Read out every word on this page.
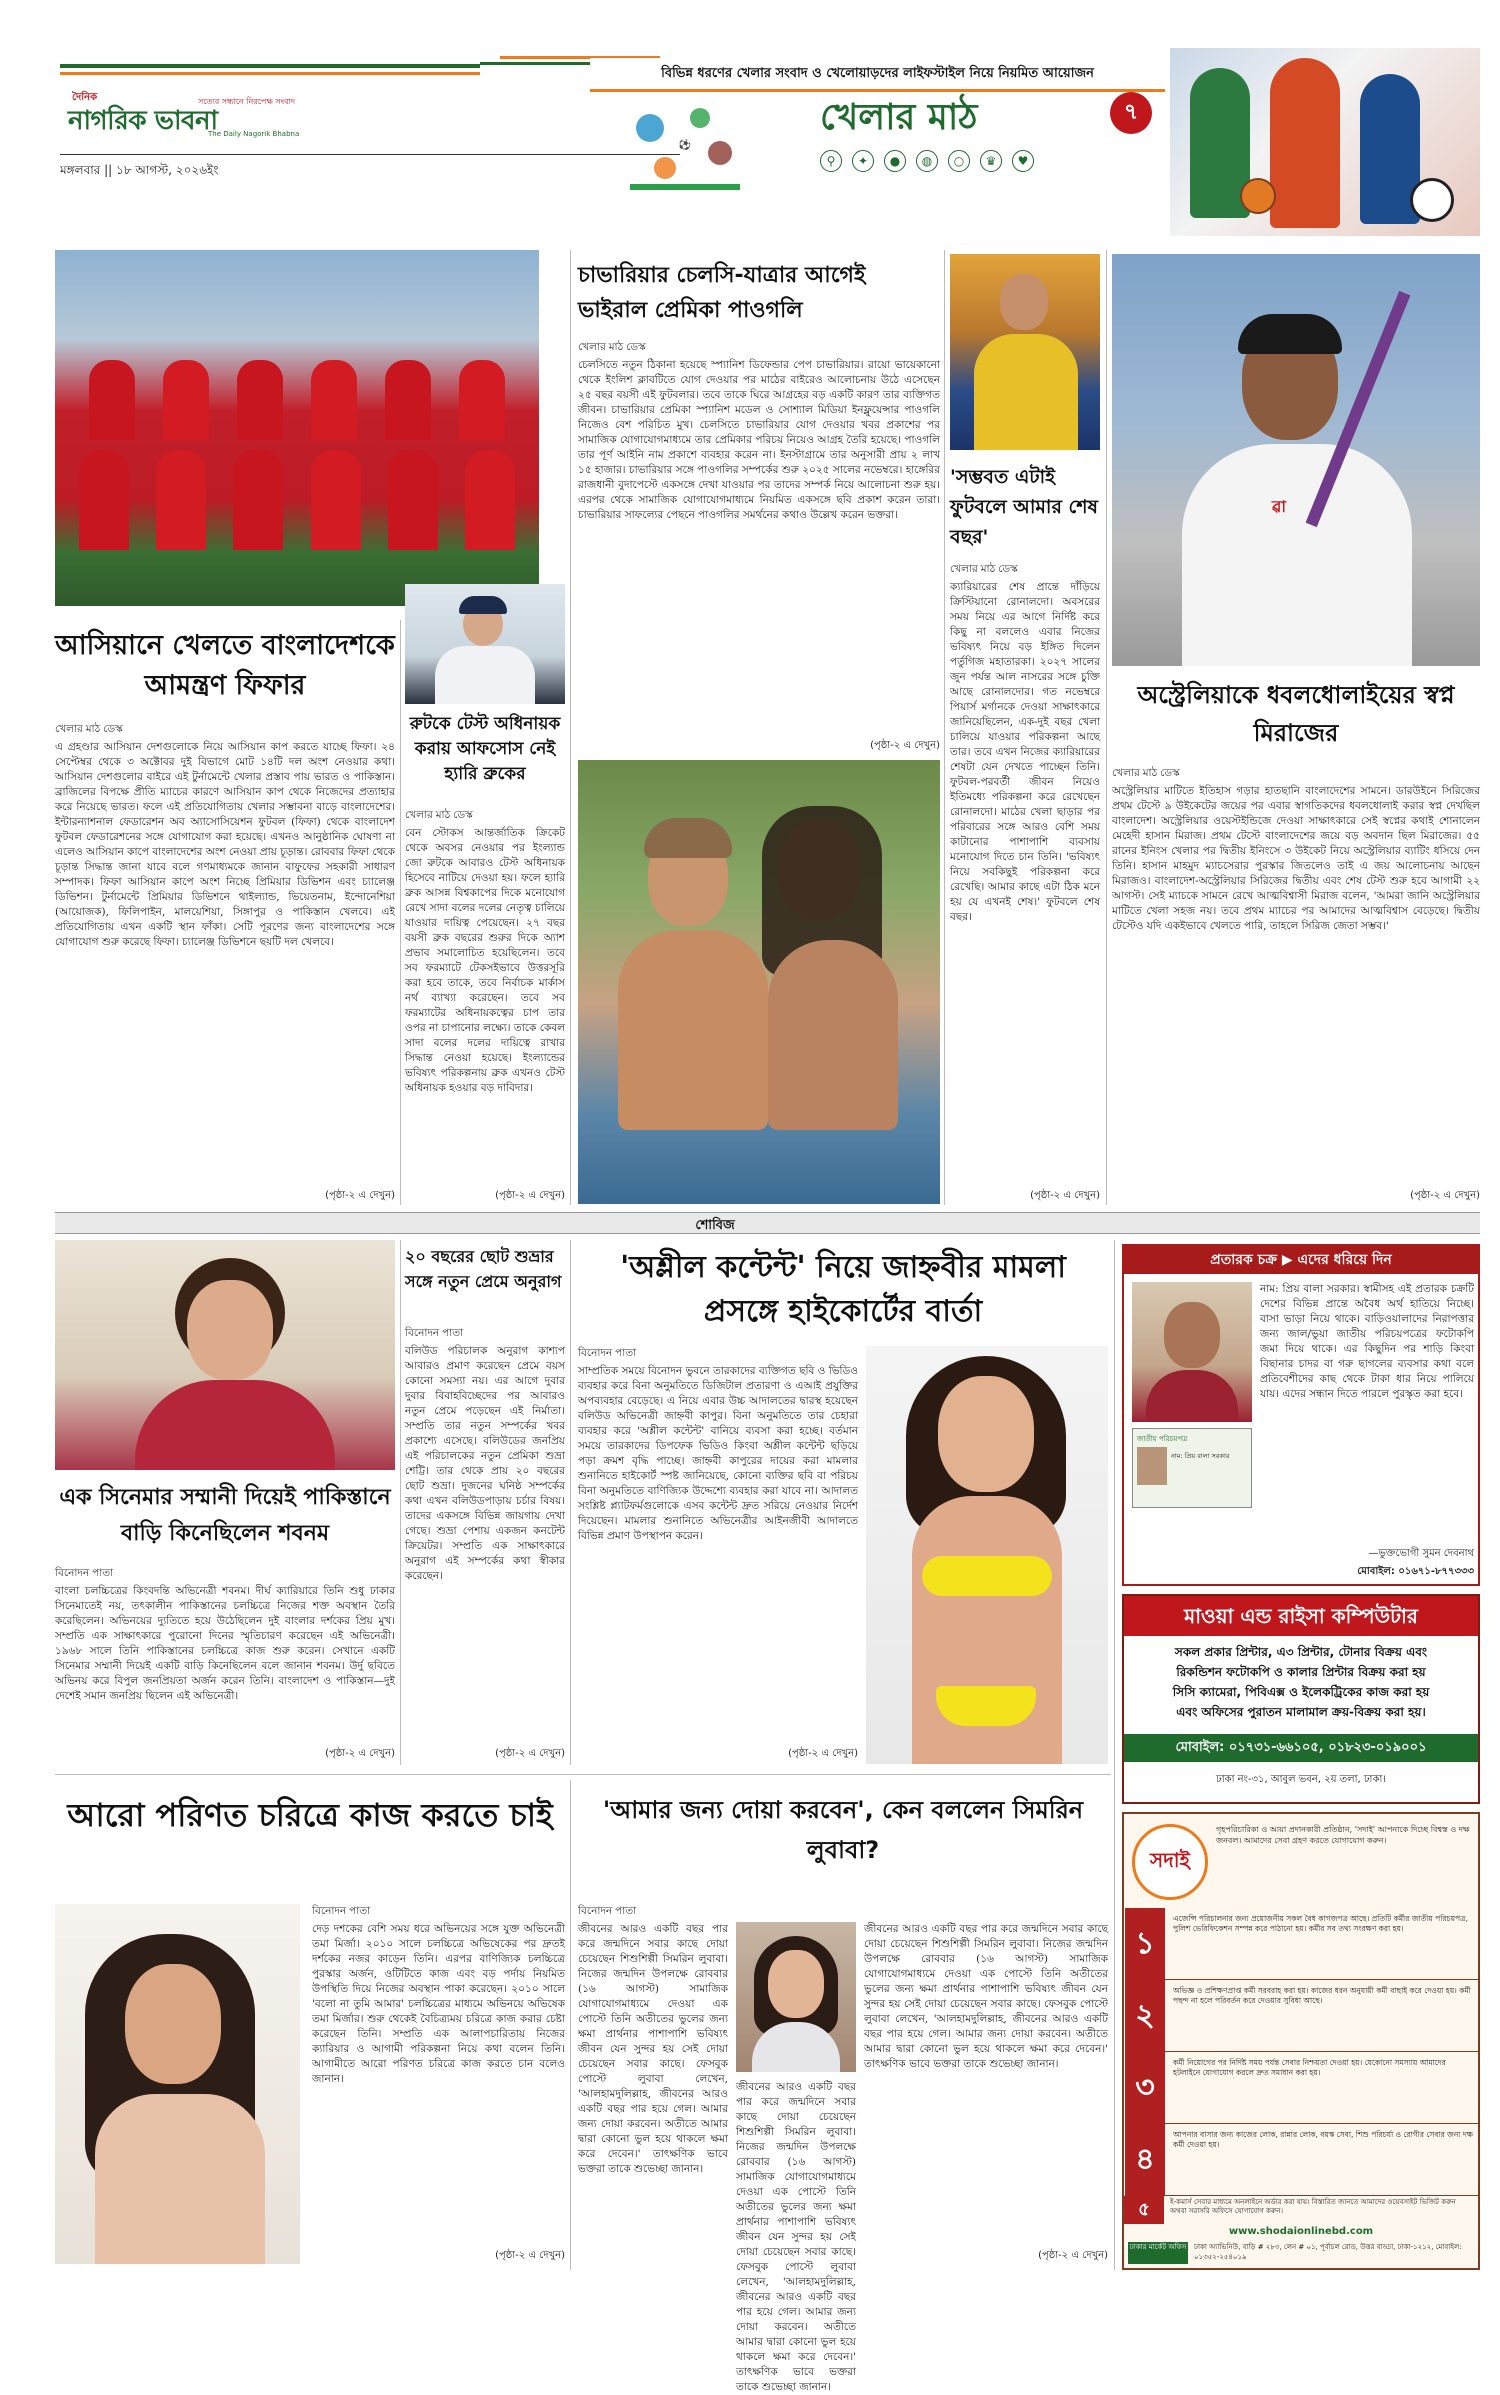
দৈনিক
নাগরিক ভাবনা
সত্যের সন্ধানে নিরপেক্ষ সংবাদ
The Daily Nagorik Bhabna
মঙ্গলবার || ১৮ আগস্ট, ২০২৬ইং
⚽
বিভিন্ন ধরণের খেলার সংবাদ ও খেলোয়াড়দের লাইফস্টাইল নিয়ে নিয়মিত আয়োজন
খেলার মাঠ	৭
⚲	✦	●	◍	○	♛	♥
আসিয়ানে খেলতে বাংলাদেশকে আমন্ত্রণ ফিফার
খেলার মাঠ ডেস্ক
এ গ্রহণ্ডার আসিয়ান দেশগুলোকে নিয়ে আসিয়ান কাপ করতে যাচ্ছে ফিফা। ২৪ সেপ্টেম্বর থেকে ৩ অক্টোবর দুই বিভাগে মোট ১৪টি দল অংশ নেওয়ার কথা। আসিয়ান দেশগুলোর বাইরে এই টুর্নামেন্টে খেলার প্রস্তাব পায় ভারত ও পাকিস্তান। ব্রাজিলের বিপক্ষে প্রীতি ম্যাচের কারণে আসিয়ান কাপ থেকে নিজেদের প্রত্যাহার করে নিয়েছে ভারত। ফলে এই প্রতিযোগিতায় খেলার সম্ভাবনা বাড়ে বাংলাদেশের। ইন্টারন্যাশনাল ফেডারেশন অব অ্যাসোসিয়েশন ফুটবল (ফিফা) থেকে বাংলাদেশ ফুটবল ফেডারেশনের সঙ্গে যোগাযোগ করা হয়েছে। এখনও আনুষ্ঠানিক ঘোষণা না এলেও আসিয়ান কাপে বাংলাদেশের অংশ নেওয়া প্রায় চূড়ান্ত। রোববার ফিফা থেকে চূড়ান্ত সিদ্ধান্ত জানা যাবে বলে গণমাধ্যমকে জানান বাফুফের সহকারী সাধারণ সম্পাদক। ফিফা আসিয়ান কাপে অংশ নিচ্ছে প্রিমিয়ার ডিভিশন এবং চ্যালেঞ্জ ডিভিশন। টুর্নামেন্টে প্রিমিয়ার ডিভিশনে থাইল্যান্ড, ভিয়েতনাম, ইন্দোনেশিয়া (আয়োজক), ফিলিপাইন, মালয়েশিয়া, সিঙ্গাপুর ও পাকিস্তান খেলবে। এই প্রতিযোগিতায় এখন একটি স্থান ফাঁকা। সেটি পূরণের জন্য বাংলাদেশের সঙ্গে যোগাযোগ শুরু করেছে ফিফা। চ্যালেঞ্জ ডিভিশনে ছয়টি দল খেলবে।
(পৃষ্ঠা-২ এ দেখুন)
রুটকে টেস্ট অধিনায়ক করায় আফসোস নেই হ্যারি ব্রুকের
খেলার মাঠ ডেস্ক
বেন স্টোকস আন্তর্জাতিক ক্রিকেট থেকে অবসর নেওয়ার পর ইংল্যান্ড জো রুটকে আবারও টেস্ট অধিনায়ক হিসেবে নাটিয়ে দেওয়া হয়। ফলে হ্যারি ব্রুক আসন্ন বিশ্বকাপের দিকে মনোযোগ রেখে সাদা বলের দলের নেতৃত্ব চালিয়ে যাওয়ার দায়িত্ব পেয়েছেন। ২৭ বছর বয়সী ব্রুক বছরের শুরুর দিকে অ্যাশ প্রভাব সমালোচিত হয়েছিলেন। তবে সব ফরম্যাটে টেকসইভাবে উত্তরসূরি করা হবে তাকে, তবে নির্বাচক মার্কাস নর্থ ব্যাখ্যা করেছেন। তবে সব ফরম্যাটের অধিনায়কত্বের চাপ তার ওপর না চাপানোর লক্ষ্যে। তাকে কেবল সাদা বলের দলের দায়িত্বে রাখার সিদ্ধান্ত নেওয়া হয়েছে। ইংল্যান্ডের ভবিষ্যৎ পরিকল্পনায় ব্রুক এখনও টেস্ট অধিনায়ক হওয়ার বড় দাবিদার।
(পৃষ্ঠা-২ এ দেখুন)
চাভারিয়ার চেলসি-যাত্রার আগেই ভাইরাল প্রেমিকা পাওগলি
খেলার মাঠ ডেস্ক
চেলসিতে নতুন ঠিকানা হয়েছে স্প্যানিশ ডিফেন্ডার পেপ চাভারিয়ার। রায়ো ভায়েকানো থেকে ইংলিশ ক্লাবটিতে যোগ দেওয়ার পর মাঠের বাইরেও আলোচনায় উঠে এসেছেন ২৫ বছর বয়সী এই ফুটবলার। তবে তাকে ঘিরে আগ্রহের বড় একটি কারণ তার ব্যক্তিগত জীবন। চাভারিয়ার প্রেমিকা স্প্যানিশ মডেল ও সোশ্যাল মিডিয়া ইনফ্লুয়েন্সার পাওগলি নিজেও বেশ পরিচিত মুখ। চেলসিতে চাভারিয়ার যোগ দেওয়ার খবর প্রকাশের পর সামাজিক যোগাযোগমাধ্যমে তার প্রেমিকার পরিচয় নিয়েও আগ্রহ তৈরি হয়েছে। পাওগলি তার পূর্ণ আইনি নাম প্রকাশে ব্যবহার করেন না। ইনস্টাগ্রামে তার অনুসারী প্রায় ২ লাখ ১৫ হাজার। চাভারিয়ার সঙ্গে পাওগলির সম্পর্কের শুরু ২০২৫ সালের নভেম্বরে। হাঙ্গেরির রাজধানী বুদাপেস্টে একসঙ্গে দেখা যাওয়ার পর তাদের সম্পর্ক নিয়ে আলোচনা শুরু হয়। এরপর থেকে সামাজিক যোগাযোগমাধ্যমে নিয়মিত একসঙ্গে ছবি প্রকাশ করেন তারা। চাভারিয়ার সাফল্যের পেছনে পাওগলির সমর্থনের কথাও উল্লেখ করেন ভক্তরা।
(পৃষ্ঠা-২ এ দেখুন)
'সম্ভবত এটাই ফুটবলে আমার শেষ বছর'
খেলার মাঠ ডেস্ক
ক্যারিয়ারের শেষ প্রান্তে দাঁড়িয়ে ক্রিস্টিয়ানো রোনালদো। অবসরের সময় নিয়ে এর আগে নির্দিষ্ট করে কিছু না বললেও এবার নিজের ভবিষ্যৎ নিয়ে বড় ইঙ্গিত দিলেন পর্তুগিজ মহাতারকা। ২০২৭ সালের জুন পর্যন্ত আল নাসরের সঙ্গে চুক্তি আছে রোনালদোর। গত নভেম্বরে পিয়ার্স মর্গানকে দেওয়া সাক্ষাৎকারে জানিয়েছিলেন, এক-দুই বছর খেলা চালিয়ে যাওয়ার পরিকল্পনা আছে তার। তবে এখন নিজের ক্যারিয়ারের শেষটা যেন দেখতে পাচ্ছেন তিনি। ফুটবল-পরবর্তী জীবন নিয়েও ইতিমধ্যে পরিকল্পনা করে রেখেছেন রোনালদো। মাঠের খেলা ছাড়ার পর পরিবারের সঙ্গে আরও বেশি সময় কাটানোর পাশাপাশি ব্যবসায় মনোযোগ দিতে চান তিনি। 'ভবিষ্যৎ নিয়ে সবকিছুই পরিকল্পনা করে রেখেছি। আমার কাছে এটা ঠিক মনে হয় যে এখনই শেষ।' ফুটবলে শেষ বছর।
(পৃষ্ঠা-২ এ দেখুন)
ৱা
অস্ট্রেলিয়াকে ধবলধোলাইয়ের স্বপ্ন মিরাজের
খেলার মাঠ ডেস্ক
অস্ট্রেলিয়ার মাটিতে ইতিহাস গড়ার হাতছানি বাংলাদেশের সামনে। ডারউইনে সিরিজের প্রথম টেস্টে ৯ উইকেটের জয়ের পর এবার স্বাগতিকদের ধবলধোলাই করার স্বপ্ন দেখছিল বাংলাদেশ। অস্ট্রেলিয়ার ওয়েস্টইন্ডিজে দেওয়া সাক্ষাৎকারে সেই স্বপ্নের কথাই শোনালেন মেহেদী হাসান মিরাজ। প্রথম টেস্টে বাংলাদেশের জয়ে বড় অবদান ছিল মিরাজের। ৫৫ রানের ইনিংস খেলার পর দ্বিতীয় ইনিংসে ৩ উইকেট নিয়ে অস্ট্রেলিয়ার ব্যাটিং ধসিয়ে দেন তিনি। হাসান মাহমুদ ম্যাচসেরার পুরস্কার জিতলেও তাই এ জয় আলোচনায় আছেন মিরাজও। বাংলাদেশ-অস্ট্রেলিয়ার সিরিজের দ্বিতীয় এবং শেষ টেস্ট শুরু হবে আগামী ২২ আগস্ট। সেই ম্যাচকে সামনে রেখে আত্মবিশ্বাসী মিরাজ বলেন, 'আমরা জানি অস্ট্রেলিয়ার মাটিতে খেলা সহজ নয়। তবে প্রথম ম্যাচের পর আমাদের আত্মবিশ্বাস বেড়েছে। দ্বিতীয় টেস্টেও যদি একইভাবে খেলতে পারি, তাহলে সিরিজ জেতা সম্ভব।'
(পৃষ্ঠা-২ এ দেখুন)
শোবিজ
এক সিনেমার সম্মানী দিয়েই পাকিস্তানে বাড়ি কিনেছিলেন শবনম
বিনোদন পাতা
বাংলা চলচ্চিত্রের কিংবদন্তি অভিনেত্রী শবনম। দীর্ঘ ক্যারিয়ারে তিনি শুধু ঢাকার সিনেমাতেই নয়, তৎকালীন পাকিস্তানের চলচ্চিত্রে নিজের শক্ত অবস্থান তৈরি করেছিলেন। অভিনয়ের দ্যুতিতে হয়ে উঠেছিলেন দুই বাংলার দর্শকের প্রিয় মুখ। সম্প্রতি এক সাক্ষাৎকারে পুরোনো দিনের স্মৃতিচারণ করেছেন এই অভিনেত্রী। ১৯৬৮ সালে তিনি পাকিস্তানের চলচ্চিত্রে কাজ শুরু করেন। সেখানে একটি সিনেমার সম্মানী দিয়েই একটি বাড়ি কিনেছিলেন বলে জানান শবনম। উর্দু ছবিতে অভিনয় করে বিপুল জনপ্রিয়তা অর্জন করেন তিনি। বাংলাদেশ ও পাকিস্তান—দুই দেশেই সমান জনপ্রিয় ছিলেন এই অভিনেত্রী।
(পৃষ্ঠা-২ এ দেখুন)
২০ বছরের ছোট শুভ্রার সঙ্গে নতুন প্রেমে অনুরাগ
বিনোদন পাতা
বলিউড পরিচালক অনুরাগ কাশ্যপ আবারও প্রমাণ করেছেন প্রেমে বয়স কোনো সমস্যা নয়। এর আগে দুবার দুবার বিবাহবিচ্ছেদের পর আবারও নতুন প্রেমে পড়েছেন এই নির্মাতা। সম্প্রতি তার নতুন সম্পর্কের খবর প্রকাশ্যে এসেছে। বলিউডের জনপ্রিয় এই পরিচালকের নতুন প্রেমিকা শুভ্রা শেট্টি। তার থেকে প্রায় ২০ বছরের ছোট শুভ্রা। দুজনের ঘনিষ্ঠ সম্পর্কের কথা এখন বলিউডপাড়ায় চর্চার বিষয়। তাদের একসঙ্গে বিভিন্ন জায়গায় দেখা গেছে। শুভ্রা পেশায় একজন কনটেন্ট ক্রিয়েটর। সম্প্রতি এক সাক্ষাৎকারে অনুরাগ এই সম্পর্কের কথা স্বীকার করেছেন।
(পৃষ্ঠা-২ এ দেখুন)
'অশ্লীল কন্টেন্ট' নিয়ে জাহ্নবীর মামলা প্রসঙ্গে হাইকোর্টের বার্তা
বিনোদন পাতা
সাম্প্রতিক সময়ে বিনোদন ভুবনে তারকাদের ব্যক্তিগত ছবি ও ভিডিও ব্যবহার করে বিনা অনুমতিতে ডিজিটাল প্রতারণা ও এআই প্রযুক্তির অপব্যবহার বেড়েছে। এ নিয়ে এবার উচ্চ আদালতের দ্বারস্থ হয়েছেন বলিউড অভিনেত্রী জাহ্নবী কাপুর। বিনা অনুমতিতে তার চেহারা ব্যবহার করে 'অশ্লীল কন্টেন্ট' বানিয়ে ব্যবসা করা হচ্ছে। বর্তমান সময়ে তারকাদের ডিপফেক ভিডিও কিংবা অশ্লীল কন্টেন্ট ছড়িয়ে পড়া ক্রমশ বৃদ্ধি পাচ্ছে। জাহ্নবী কাপুরের দায়ের করা মামলার শুনানিতে হাইকোর্ট স্পষ্ট জানিয়েছে, কোনো ব্যক্তির ছবি বা পরিচয় বিনা অনুমতিতে বাণিজ্যিক উদ্দেশ্যে ব্যবহার করা যাবে না। আদালত সংশ্লিষ্ট প্ল্যাটফর্মগুলোকে এসব কন্টেন্ট দ্রুত সরিয়ে নেওয়ার নির্দেশ দিয়েছেন। মামলার শুনানিতে অভিনেত্রীর আইনজীবী আদালতে বিভিন্ন প্রমাণ উপস্থাপন করেন।
(পৃষ্ঠা-২ এ দেখুন)
প্রতারক চক্র ▶ এদের ধরিয়ে দিন
জাতীয় পরিচয়পত্র
নাম: প্রিয় বালা সরকার
নাম: প্রিয় বালা সরকার। স্বামীসহ এই প্রতারক চক্রটি দেশের বিভিন্ন প্রান্তে অবৈধ অর্থ হাতিয়ে নিচ্ছে। বাসা ভাড়া নিয়ে থাকে। বাড়িওয়ালাদের নিরাপত্তার জন্য জাল/ভুয়া জাতীয় পরিচয়পত্রের ফটোকপি জমা দিয়ে থাকে। এর কিছুদিন পর শাড়ি কিংবা বিছানার চাদর বা গরু ছাগলের ব্যবসার কথা বলে প্রতিবেশীদের কাছ থেকে টাকা ধার নিয়ে পালিয়ে যায়। এদের সন্ধান দিতে পারলে পুরস্কৃত করা হবে।
—ভুক্তভোগী সুমন দেবনাথ
মোবাইল: ০১৬৭১-৮৭৭৩৩৩
মাওয়া এন্ড রাইসা কম্পিউটার
সকল প্রকার প্রিন্টার, এ৩ প্রিন্টার, টোনার বিক্রয় এবং
রিকন্ডিশন ফটোকপি ও কালার প্রিন্টার বিক্রয় করা হয়
সিসি ক্যামেরা, পিবিএক্স ও ইলেকট্রিকের কাজ করা হয়
এবং অফিসের পুরাতন মালামাল ক্রয়-বিক্রয় করা হয়।
মোবাইল: ০১৭৩১-৬৬১০৫, ০১৮২৩-০১৯০০১
ঢাকা নং-৩১, আবুল ভবন, ২য় তলা, ঢাকা।
আরো পরিণত চরিত্রে কাজ করতে চাই
বিনোদন পাতা
দেড় দশকের বেশি সময় ধরে অভিনয়ের সঙ্গে যুক্ত অভিনেত্রী তমা মির্জা। ২০১০ সালে চলচ্চিত্রে অভিষেকের পর দ্রুতই দর্শকের নজর কাড়েন তিনি। এরপর বাণিজ্যিক চলচ্চিত্রে পুরস্কার অর্জন, ওটিটিতে কাজ এবং বড় পর্দায় নিয়মিত উপস্থিতি দিয়ে নিজের অবস্থান পাকা করেছেন। ২০১০ সালে 'বলো না তুমি আমার' চলচ্চিত্রের মাধ্যমে অভিনয়ে অভিষেক তমা মির্জার। শুরু থেকেই বৈচিত্র্যময় চরিত্রে কাজ করার চেষ্টা করেছেন তিনি। সম্প্রতি এক আলাপচারিতায় নিজের ক্যারিয়ার ও আগামী পরিকল্পনা নিয়ে কথা বলেন তিনি। আগামীতে আরো পরিণত চরিত্রে কাজ করতে চান বলেও জানান।
(পৃষ্ঠা-২ এ দেখুন)
'আমার জন্য দোয়া করবেন', কেন বললেন সিমরিন লুবাবা?
বিনোদন পাতা
জীবনের আরও একটি বছর পার করে জন্মদিনে সবার কাছে দোয়া চেয়েছেন শিশুশিল্পী সিমরিন লুবাবা। নিজের জন্মদিন উপলক্ষে রোববার (১৬ আগস্ট) সামাজিক যোগাযোগমাধ্যমে দেওয়া এক পোস্টে তিনি অতীতের ভুলের জন্য ক্ষমা প্রার্থনার পাশাপাশি ভবিষ্যৎ জীবন যেন সুন্দর হয় সেই দোয়া চেয়েছেন সবার কাছে। ফেসবুক পোস্টে লুবাবা লেখেন, 'আলহামদুলিল্লাহ, জীবনের আরও একটি বছর পার হয়ে গেল। আমার জন্য দোয়া করবেন। অতীতে আমার দ্বারা কোনো ভুল হয়ে থাকলে ক্ষমা করে দেবেন।' তাৎক্ষণিক ভাবে ভক্তরা তাকে শুভেচ্ছা জানান।
জীবনের আরও একটি বছর পার করে জন্মদিনে সবার কাছে দোয়া চেয়েছেন শিশুশিল্পী সিমরিন লুবাবা। নিজের জন্মদিন উপলক্ষে রোববার (১৬ আগস্ট) সামাজিক যোগাযোগমাধ্যমে দেওয়া এক পোস্টে তিনি অতীতের ভুলের জন্য ক্ষমা প্রার্থনার পাশাপাশি ভবিষ্যৎ জীবন যেন সুন্দর হয় সেই দোয়া চেয়েছেন সবার কাছে। ফেসবুক পোস্টে লুবাবা লেখেন, 'আলহামদুলিল্লাহ, জীবনের আরও একটি বছর পার হয়ে গেল। আমার জন্য দোয়া করবেন। অতীতে আমার দ্বারা কোনো ভুল হয়ে থাকলে ক্ষমা করে দেবেন।' তাৎক্ষণিক ভাবে ভক্তরা তাকে শুভেচ্ছা জানান।
জীবনের আরও একটি বছর পার করে জন্মদিনে সবার কাছে দোয়া চেয়েছেন শিশুশিল্পী সিমরিন লুবাবা। নিজের জন্মদিন উপলক্ষে রোববার (১৬ আগস্ট) সামাজিক যোগাযোগমাধ্যমে দেওয়া এক পোস্টে তিনি অতীতের ভুলের জন্য ক্ষমা প্রার্থনার পাশাপাশি ভবিষ্যৎ জীবন যেন সুন্দর হয় সেই দোয়া চেয়েছেন সবার কাছে। ফেসবুক পোস্টে লুবাবা লেখেন, 'আলহামদুলিল্লাহ, জীবনের আরও একটি বছর পার হয়ে গেল। আমার জন্য দোয়া করবেন। অতীতে আমার দ্বারা কোনো ভুল হয়ে থাকলে ক্ষমা করে দেবেন।' তাৎক্ষণিক ভাবে ভক্তরা তাকে শুভেচ্ছা জানান।
(পৃষ্ঠা-২ এ দেখুন)
সদাই
গৃহপরিচারিকা ও আয়া প্রদানকারী প্রতিষ্ঠান, 'সদাই' আপনাকে দিচ্ছে বিশ্বস্ত ও দক্ষ জনবল। আমাদের সেবা গ্রহণ করতে যোগাযোগ করুন।
১
এজেন্সি পরিচালনার জন্য প্রয়োজনীয় সকল বৈধ কাগজপত্র আছে। প্রতিটি কর্মীর জাতীয় পরিচয়পত্র, পুলিশ ভেরিফিকেশন সম্পন্ন করে পাঠানো হয়। কর্মীর সব তথ্য সংরক্ষণ করা হয়।
২
অভিজ্ঞ ও প্রশিক্ষণপ্রাপ্ত কর্মী সরবরাহ করা হয়। কাজের ধরন অনুযায়ী কর্মী বাছাই করে দেওয়া হয়। কর্মী পছন্দ না হলে পরিবর্তন করে দেওয়ার সুবিধা আছে।
৩
কর্মী নিয়োগের পর নির্দিষ্ট সময় পর্যন্ত সেবার নিশ্চয়তা দেওয়া হয়। যেকোনো সমস্যায় আমাদের হটলাইনে যোগাযোগ করলে দ্রুত সমাধান করা হয়।
৪
আপনার বাসার জন্য কাজের লোক, রান্নার লোক, বয়স্ক সেবা, শিশু পরিচর্যা ও রোগীর সেবার জন্য দক্ষ কর্মী দেওয়া হয়।
৫	ই-কমার্স সেবার মাধ্যমে অনলাইনে অর্ডার করা যায়। বিস্তারিত জানতে আমাদের ওয়েবসাইট ভিজিট করুন অথবা সরাসরি অফিসে যোগাযোগ করুন।
www.shodaionlinebd.com
ঢাকার মার্কেট অফিস ঢাকা অ্যাভিনিউ, বাড়ি # ২৮৩, লেন # ০১, পূর্বাচল রোড, উত্তর বাড্ডা, ঢাকা-১২১২, মোবাইল: ০১৩৫২-২৫৪০১৯
